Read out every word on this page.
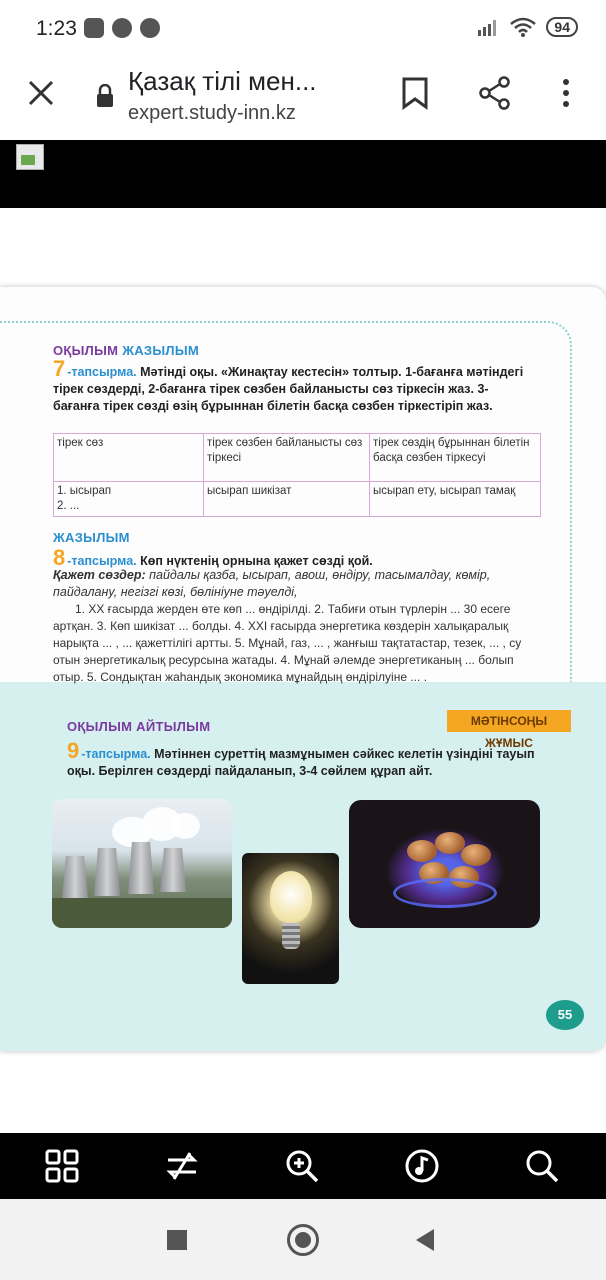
1:23	94
Қазақ тілі мен...
expert.study-inn.kz
ОҚЫЛЫМ ЖАЗЫЛЫМ
7 -тапсырма. Мәтінді оқы. «Жинақтау кестесін» толтыр. 1-бағанға мәтіндегі тірек сөздерді, 2-бағанға тірек сөзбен байланысты сөз тіркесін жаз. 3-бағанға тірек сөзді өзің бұрыннан білетін басқа сөзбен тіркестіріп жаз.
тірек сөз	тірек сөзбен байланысты сөз тіркесі	тірек сөздің бұрыннан білетін басқа сөзбен тіркесуі

1. ысырап
2. ...	ысырап шикізат	ысырап ету, ысырап тамақ
ЖАЗЫЛЫМ
8 -тапсырма. Көп нүктенің орнына қажет сөзді қой.
Қажет сөздер: пайдалы қазба, ысырап, авош, өндіру, тасымалдау, көмір, пайдалану, негізгі көзі, бөлініуне тәуелді,
1. XX ғасырда жерден өте көп ... өндірілді. 2. Табиғи отын түрлерін ... 30 есеге артқан. 3. Көп шикізат ... болды. 4. XXI ғасырда энергетика көздерін халықаралық нарықта ... , ... қажеттілігі артты. 5. Мұнай, газ, ... , жанғыш тақтатастар, тезек, ... , су отын энергетикалық ресурсына жатады. 4. Мұнай әлемде энергетиканың ... болып отыр. 5. Сондықтан жаһандық экономика мұнайдың өндірілуіне ... .
ОҚЫЛЫМ АЙТЫЛЫМ	МӘТІНСОҢЫ ЖҰМЫС
9 -тапсырма. Мәтіннен суреттің мазмұнымен сәйкес келетін үзіндіні тауып оқы. Берілген сөздерді пайдаланып, 3-4 сөйлем құрап айт.
55
